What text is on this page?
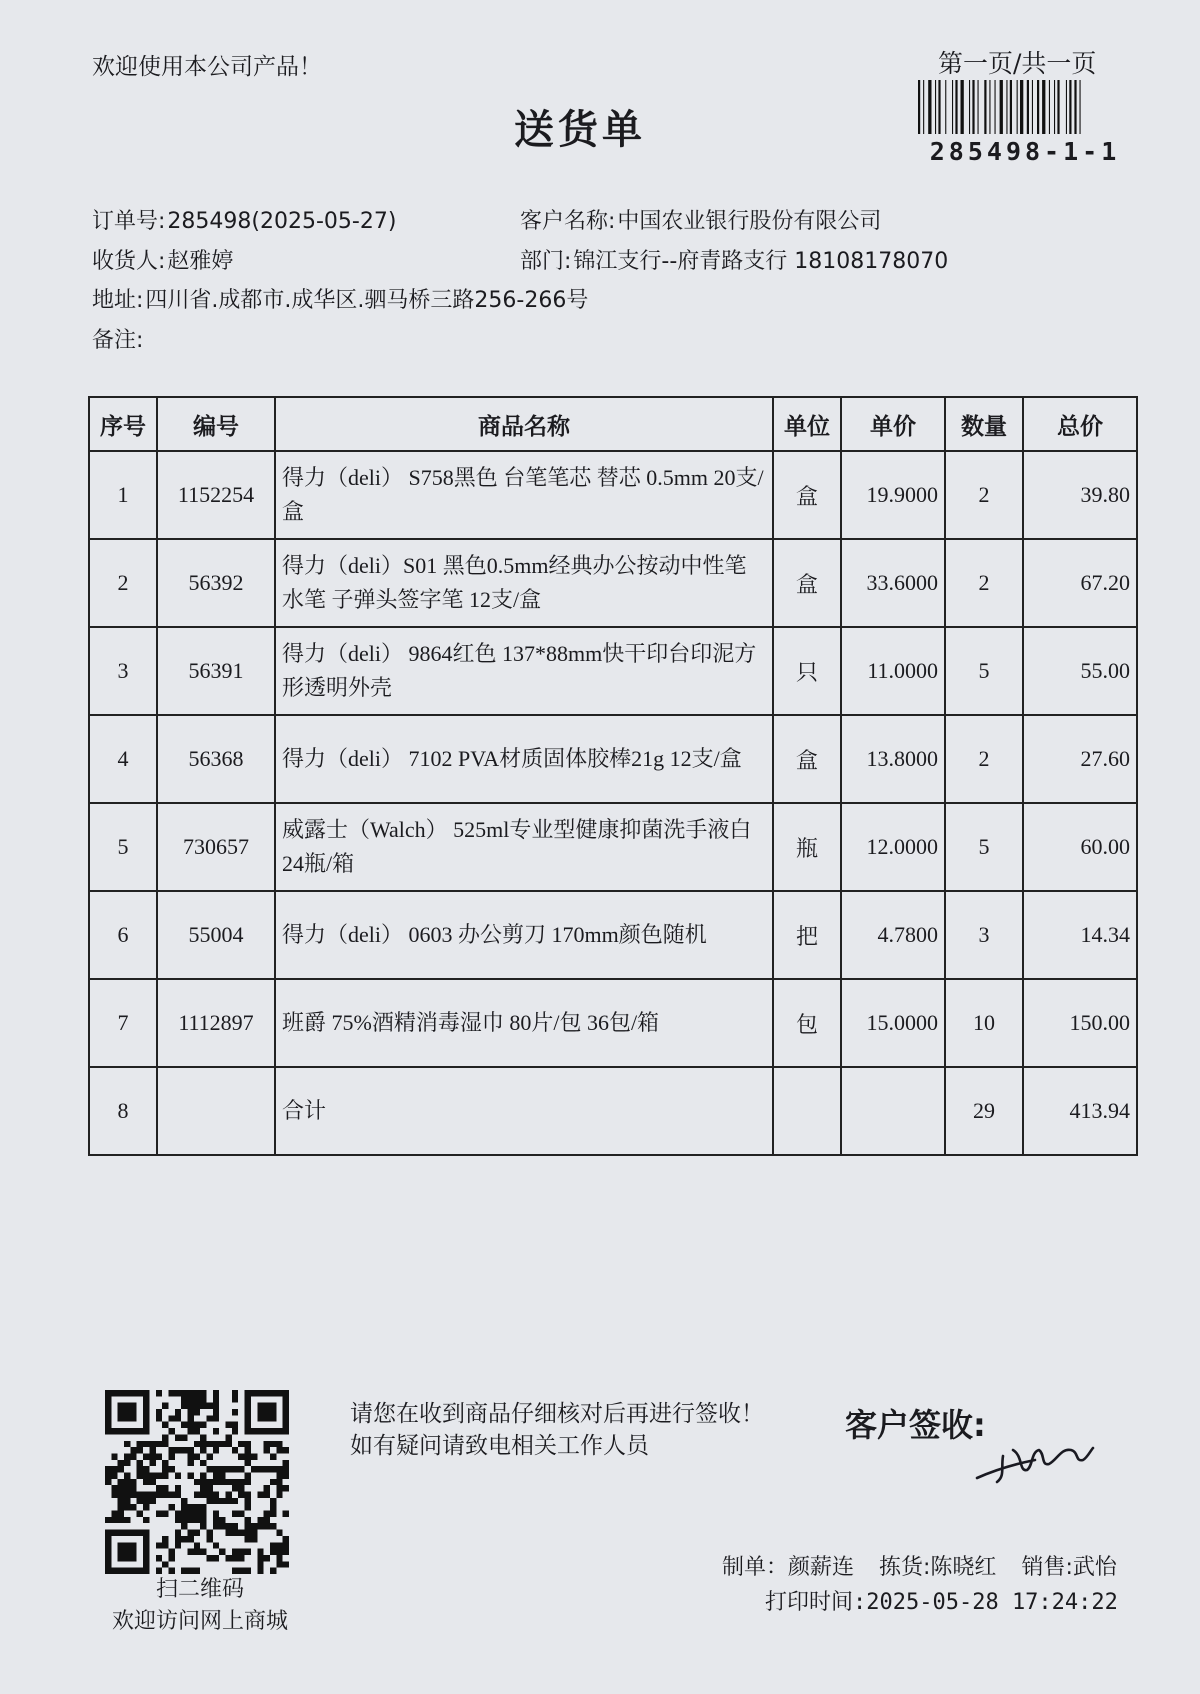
欢迎使用本公司产品！
送货单
第一页/共一页
285498-1-1
订单号:285498(2025-05-27)	客户名称:中国农业银行股份有限公司
收货人:赵雅婷	部门:锦江支行--府青路支行 18108178070
地址:四川省.成都市.成华区.驷马桥三路256-266号
备注:
序号	编号	商品名称	单位	单价	数量	总价
1	1152254	得力（deli） S758黑色 台笔笔芯 替芯 0.5mm 20支/盒	盒	19.9000	2	39.80
2	56392	得力（deli）S01 黑色0.5mm经典办公按动中性笔水笔 子弹头签字笔 12支/盒	盒	33.6000	2	67.20
3	56391	得力（deli） 9864红色 137*88mm快干印台印泥方形透明外壳	只	11.0000	5	55.00
4	56368	得力（deli） 7102 PVA材质固体胶棒21g 12支/盒	盒	13.8000	2	27.60
5	730657	威露士（Walch） 525ml专业型健康抑菌洗手液白 24瓶/箱	瓶	12.0000	5	60.00
6	55004	得力（deli） 0603 办公剪刀 170mm颜色随机	把	4.7800	3	14.34
7	1112897	班爵 75%酒精消毒湿巾 80片/包 36包/箱	包	15.0000	10	150.00
8		合计			29	413.94
扫二维码
欢迎访问网上商城
请您在收到商品仔细核对后再进行签收！如有疑问请致电相关工作人员
客户签收:
制单：颜薪连 拣货:陈晓红 销售:武怡
打印时间:2025-05-28 17:24:22
